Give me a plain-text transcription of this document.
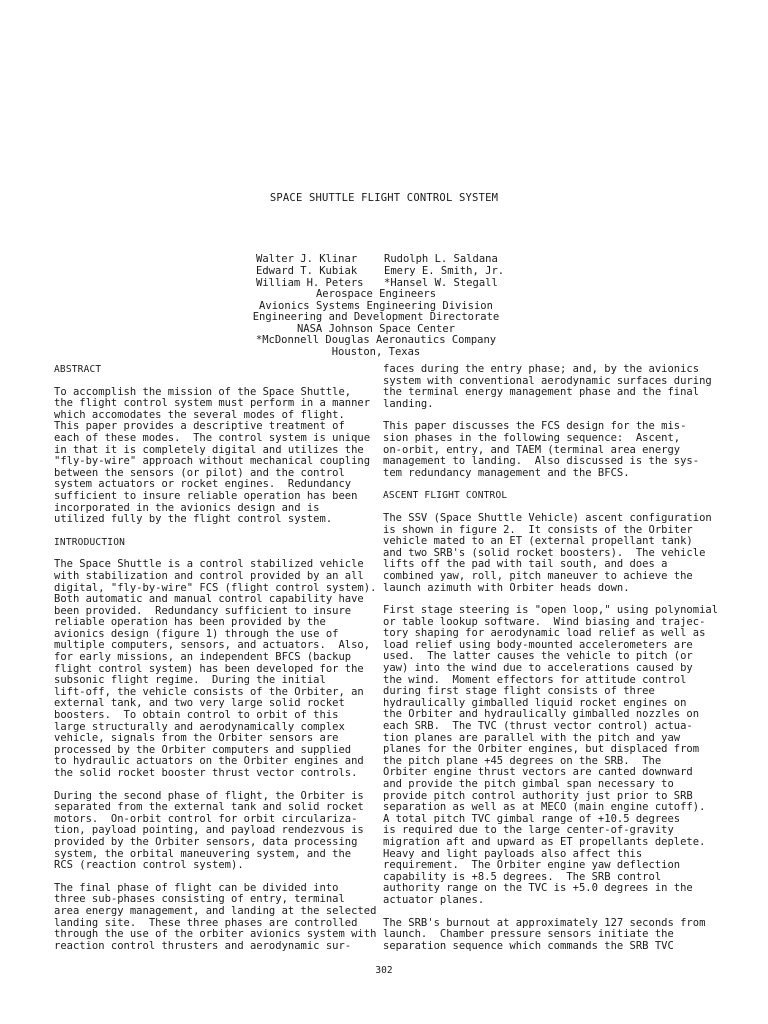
SPACE SHUTTLE FLIGHT CONTROL SYSTEM
Walter J. Klinar	Rudolph L. Saldana
Edward T. Kubiak	Emery E. Smith, Jr.
William H. Peters	*Hansel W. Stegall
Aerospace Engineers
Avionics Systems Engineering Division
Engineering and Development Directorate
NASA Johnson Space Center
*McDonnell Douglas Aeronautics Company
Houston, Texas
ABSTRACT

To accomplish the mission of the Space Shuttle,
the flight control system must perform in a manner
which accomodates the several modes of flight.
This paper provides a descriptive treatment of
each of these modes.  The control system is unique
in that it is completely digital and utilizes the
"fly-by-wire" approach without mechanical coupling
between the sensors (or pilot) and the control
system actuators or rocket engines.  Redundancy
sufficient to insure reliable operation has been
incorporated in the avionics design and is
utilized fully by the flight control system.

INTRODUCTION

The Space Shuttle is a control stabilized vehicle
with stabilization and control provided by an all
digital, "fly-by-wire" FCS (flight control system).
Both automatic and manual control capability have
been provided.  Redundancy sufficient to insure
reliable operation has been provided by the
avionics design (figure 1) through the use of
multiple computers, sensors, and actuators.  Also,
for early missions, an independent BFCS (backup
flight control system) has been developed for the
subsonic flight regime.  During the initial
lift-off, the vehicle consists of the Orbiter, an
external tank, and two very large solid rocket
boosters.  To obtain control to orbit of this
large structurally and aerodynamically complex
vehicle, signals from the Orbiter sensors are
processed by the Orbiter computers and supplied
to hydraulic actuators on the Orbiter engines and
the solid rocket booster thrust vector controls.

During the second phase of flight, the Orbiter is
separated from the external tank and solid rocket
motors.  On-orbit control for orbit circulariza-
tion, payload pointing, and payload rendezvous is
provided by the Orbiter sensors, data processing
system, the orbital maneuvering system, and the
RCS (reaction control system).

The final phase of flight can be divided into
three sub-phases consisting of entry, terminal
area energy management, and landing at the selected
landing site.  These three phases are controlled
through the use of the orbiter avionics system with
reaction control thrusters and aerodynamic sur-

faces during the entry phase; and, by the avionics
system with conventional aerodynamic surfaces during
the terminal energy management phase and the final
landing.

This paper discusses the FCS design for the mis-
sion phases in the following sequence:  Ascent,
on-orbit, entry, and TAEM (terminal area energy
management to landing.  Also discussed is the sys-
tem redundancy management and the BFCS.

ASCENT FLIGHT CONTROL

The SSV (Space Shuttle Vehicle) ascent configuration
is shown in figure 2.  It consists of the Orbiter
vehicle mated to an ET (external propellant tank)
and two SRB's (solid rocket boosters).  The vehicle
lifts off the pad with tail south, and does a
combined yaw, roll, pitch maneuver to achieve the
launch azimuth with Orbiter heads down.

First stage steering is "open loop," using polynomial
or table lookup software.  Wind biasing and trajec-
tory shaping for aerodynamic load relief as well as
load relief using body-mounted accelerometers are
used.  The latter causes the vehicle to pitch (or
yaw) into the wind due to accelerations caused by
the wind.  Moment effectors for attitude control
during first stage flight consists of three
hydraulically gimballed liquid rocket engines on
the Orbiter and hydraulically gimballed nozzles on
each SRB.  The TVC (thrust vector control) actua-
tion planes are parallel with the pitch and yaw
planes for the Orbiter engines, but displaced from
the pitch plane +45 degrees on the SRB.  The
Orbiter engine thrust vectors are canted downward
and provide the pitch gimbal span necessary to
provide pitch control authority just prior to SRB
separation as well as at MECO (main engine cutoff).
A total pitch TVC gimbal range of +10.5 degrees
is required due to the large center-of-gravity
migration aft and upward as ET propellants deplete.
Heavy and light payloads also affect this
requirement.  The Orbiter engine yaw deflection
capability is +8.5 degrees.  The SRB control
authority range on the TVC is +5.0 degrees in the
actuator planes.

The SRB's burnout at approximately 127 seconds from
launch.  Chamber pressure sensors initiate the
separation sequence which commands the SRB TVC

302
